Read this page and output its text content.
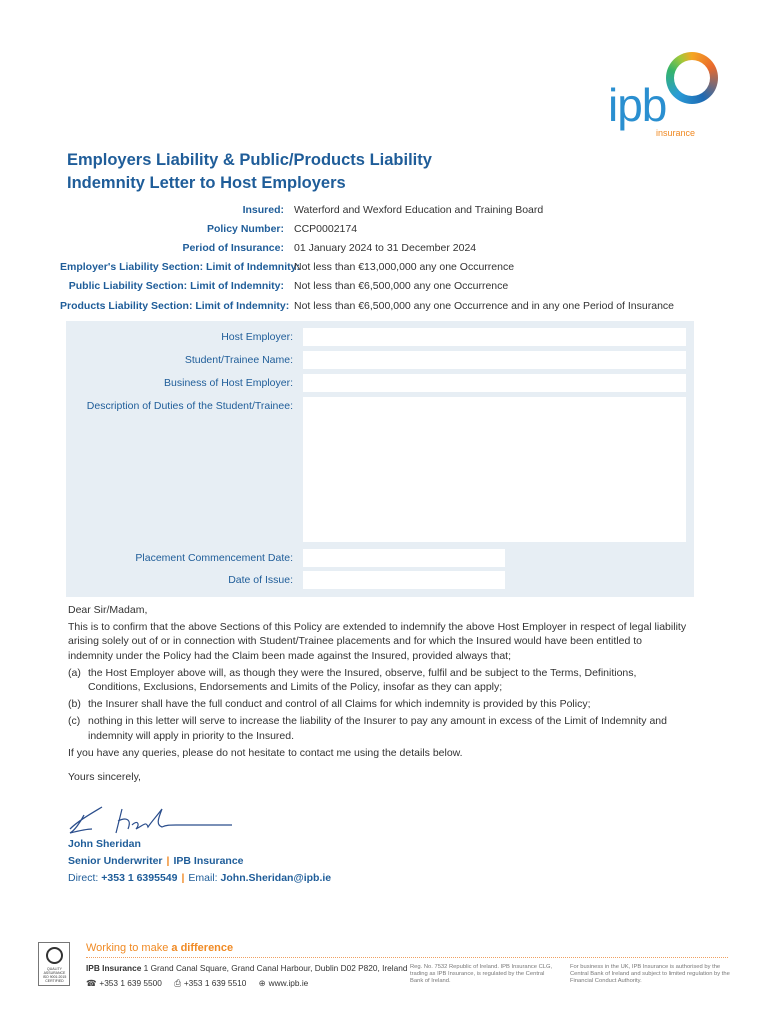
ipb
insurance
Employers Liability & Public/Products Liability
Indemnity Letter to Host Employers
Insured: Waterford and Wexford Education and Training Board
Policy Number: CCP0002174
Period of Insurance: 01 January 2024 to 31 December 2024
Employer's Liability Section: Limit of Indemnity:
Not less than €13,000,000 any one Occurrence
Public Liability Section: Limit of Indemnity: Not less than €6,500,000 any one Occurrence
Products Liability Section: Limit of Indemnity: Not less than €6,500,000 any one Occurrence and in any one Period of Insurance
Host Employer:
Student/Trainee Name:
Business of Host Employer:
Description of Duties of the Student/Trainee:
Placement Commencement Date:
Date of Issue:

Dear Sir/Madam,

This is to confirm that the above Sections of this Policy are extended to indemnify the above Host Employer in respect of legal liability arising solely out of or in connection with Student/Trainee placements and for which the Insured would have been entitled to indemnity under the Policy had the Claim been made against the Insured, provided always that;

(a) the Host Employer above will, as though they were the Insured, observe, fulfil and be subject to the Terms, Definitions, Conditions, Exclusions, Endorsements and Limits of the Policy, insofar as they can apply;
(b) the Insurer shall have the full conduct and control of all Claims for which indemnity is provided by this Policy;
(c) nothing in this letter will serve to increase the liability of the Insurer to pay any amount in excess of the Limit of Indemnity and indemnity will apply in priority to the Insured.

If you have any queries, please do not hesitate to contact me using the details below.

Yours sincerely,

John Sheridan
Senior Underwriter | IPB Insurance
Direct: +353 1 6395549 | Email: John.Sheridan@ipb.ie
QUALITY ASSURANCE ISO 9001:2015 CERTIFIED
Working to make a difference
IPB Insurance 1 Grand Canal Square, Grand Canal Harbour, Dublin D02 P820, Ireland
☎ +353 1 639 5500 ⎙ +353 1 639 5510 ⊕ www.ipb.ie
Reg. No. 7532 Republic of Ireland. IPB Insurance CLG, trading as IPB Insurance, is regulated by the Central Bank of Ireland.
For business in the UK, IPB Insurance is authorised by the Central Bank of Ireland and subject to limited regulation by the Financial Conduct Authority.
